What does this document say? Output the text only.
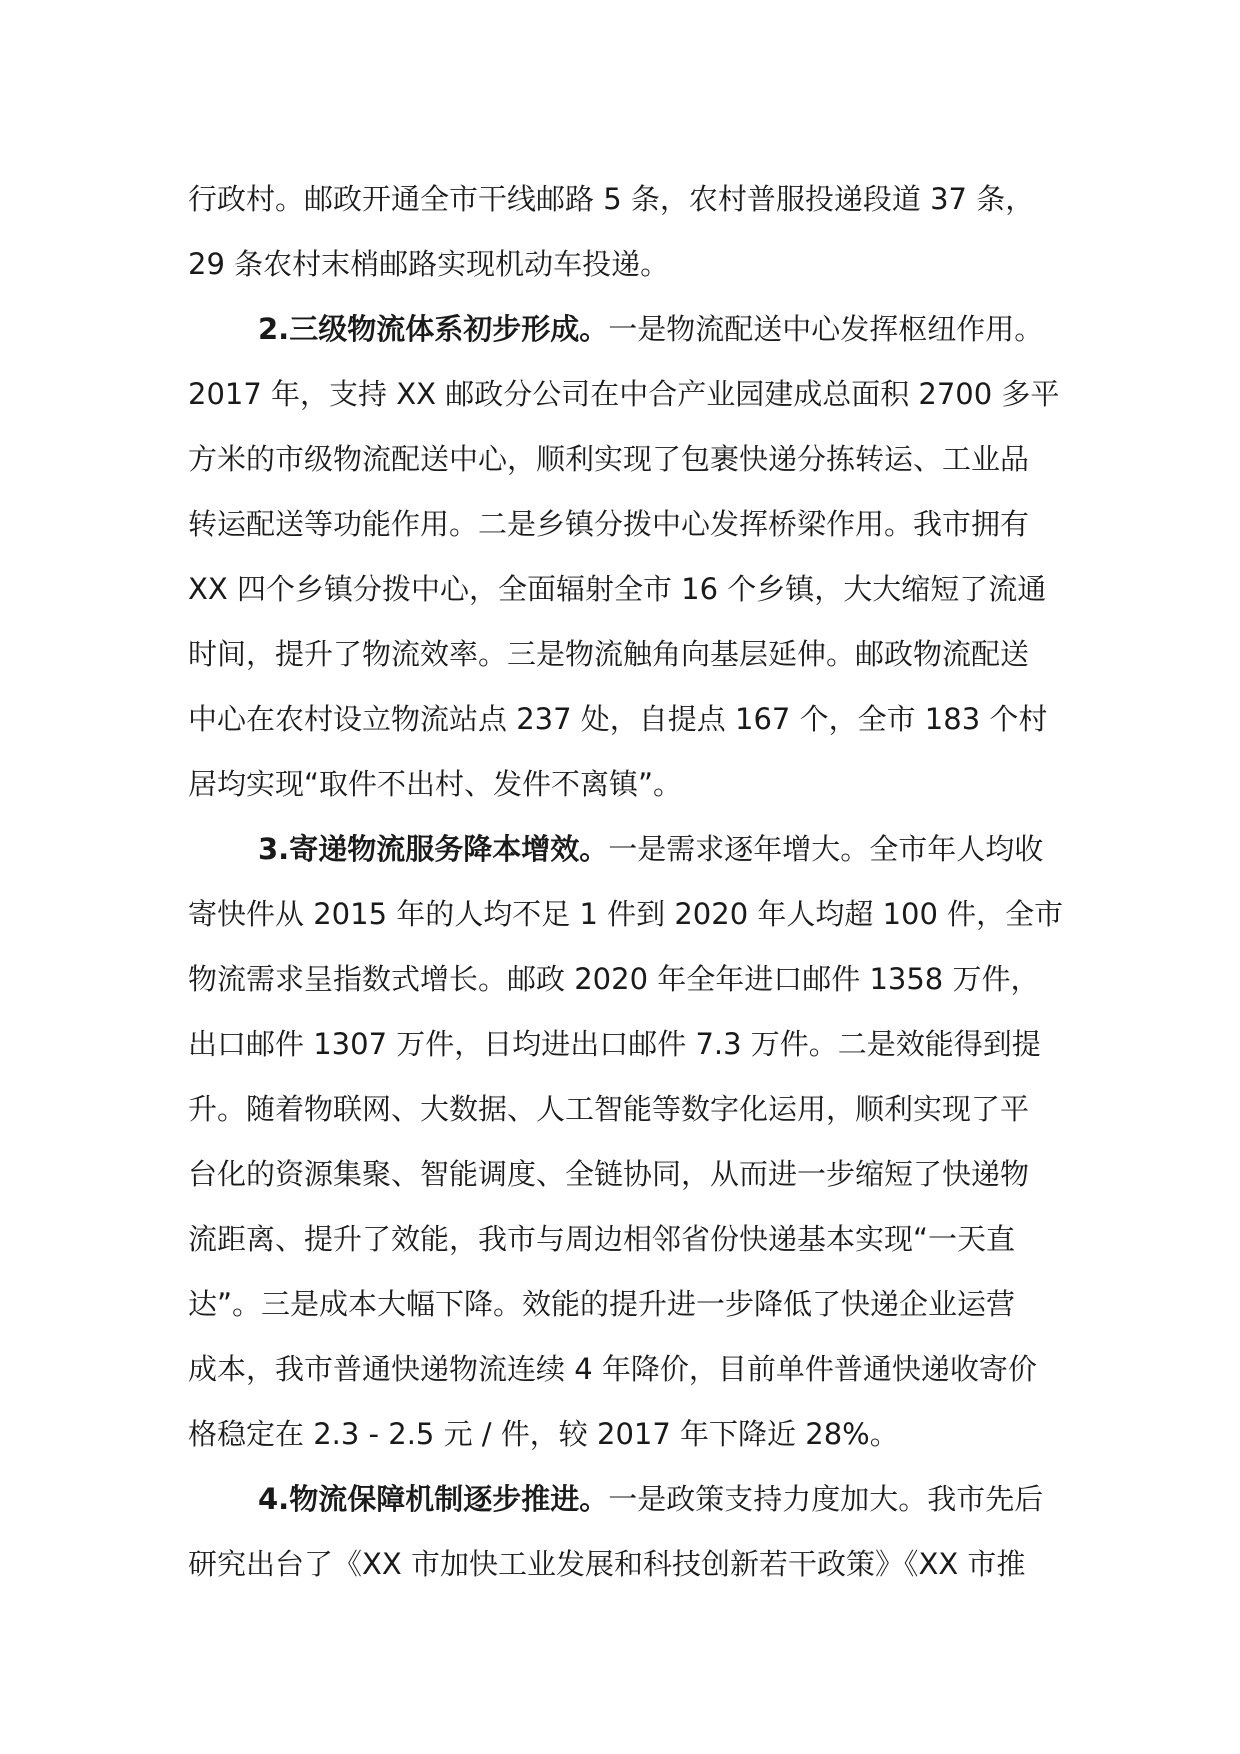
行政村。邮政开通全市干线邮路 5 条，农村普服投递段道 37 条，
29 条农村末梢邮路实现机动车投递。
2.三级物流体系初步形成。一是物流配送中心发挥枢纽作用。
2017 年，支持 XX 邮政分公司在中合产业园建成总面积 2700 多平
方米的市级物流配送中心，顺利实现了包裹快递分拣转运、工业品
转运配送等功能作用。二是乡镇分拨中心发挥桥梁作用。我市拥有
XX 四个乡镇分拨中心，全面辐射全市 16 个乡镇，大大缩短了流通
时间，提升了物流效率。三是物流触角向基层延伸。邮政物流配送
中心在农村设立物流站点 237 处，自提点 167 个，全市 183 个村
居均实现“取件不出村、发件不离镇”。
3.寄递物流服务降本增效。一是需求逐年增大。全市年人均收
寄快件从 2015 年的人均不足 1 件到 2020 年人均超 100 件，全市
物流需求呈指数式增长。邮政 2020 年全年进口邮件 1358 万件，
出口邮件 1307 万件，日均进出口邮件 7.3 万件。二是效能得到提
升。随着物联网、大数据、人工智能等数字化运用，顺利实现了平
台化的资源集聚、智能调度、全链协同，从而进一步缩短了快递物
流距离、提升了效能，我市与周边相邻省份快递基本实现“一天直
达”。三是成本大幅下降。效能的提升进一步降低了快递企业运营
成本，我市普通快递物流连续 4 年降价，目前单件普通快递收寄价
格稳定在 2.3 - 2.5 元 / 件，较 2017 年下降近 28%。
4.物流保障机制逐步推进。一是政策支持力度加大。我市先后
研究出台了《XX 市加快工业发展和科技创新若干政策》《XX 市推
